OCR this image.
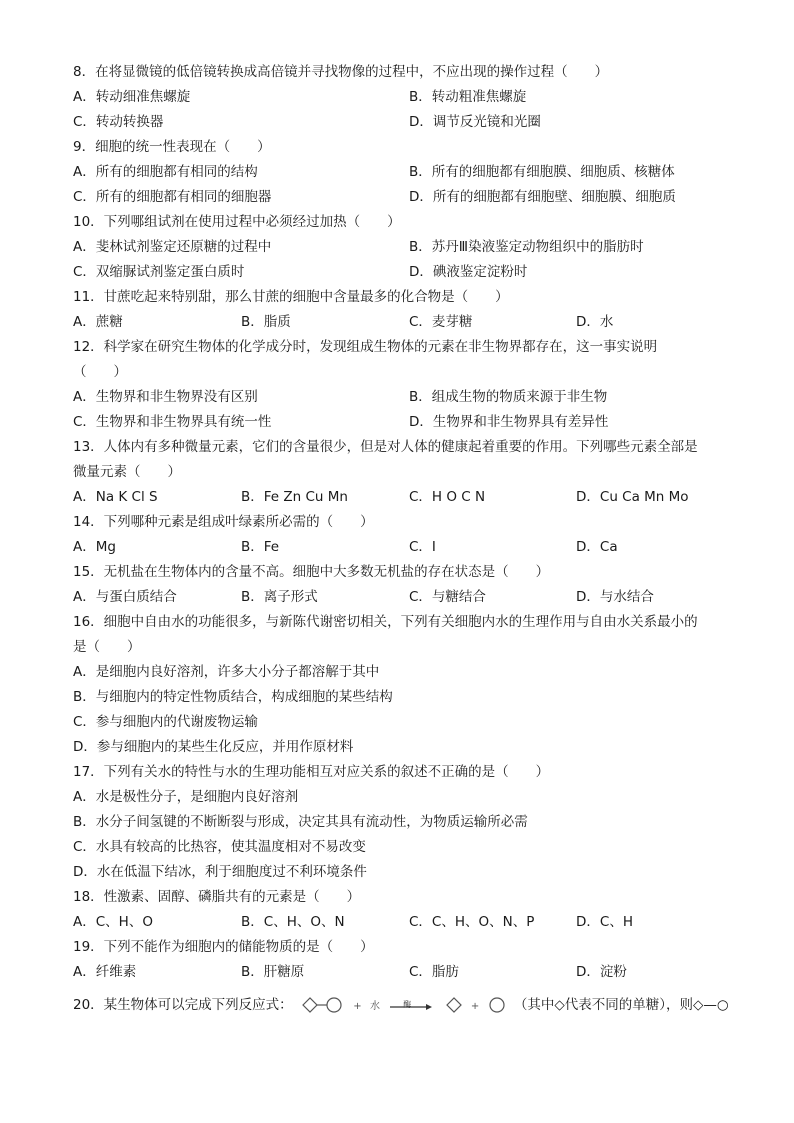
8．在将显微镜的低倍镜转换成高倍镜并寻找物像的过程中，不应出现的操作过程（　　）
A．转动细准焦螺旋	B．转动粗准焦螺旋
C．转动转换器	D．调节反光镜和光圈
9．细胞的统一性表现在（　　）
A．所有的细胞都有相同的结构	B．所有的细胞都有细胞膜、细胞质、核糖体
C．所有的细胞都有相同的细胞器	D．所有的细胞都有细胞壁、细胞膜、细胞质
10．下列哪组试剂在使用过程中必须经过加热（　　）
A．斐林试剂鉴定还原糖的过程中	B．苏丹Ⅲ染液鉴定动物组织中的脂肪时
C．双缩脲试剂鉴定蛋白质时	D．碘液鉴定淀粉时
11．甘蔗吃起来特别甜，那么甘蔗的细胞中含量最多的化合物是（　　）
A．蔗糖	B．脂质	C．麦芽糖	D．水
12．科学家在研究生物体的化学成分时，发现组成生物体的元素在非生物界都存在，这一事实说明
（　　）
A．生物界和非生物界没有区别	B．组成生物的物质来源于非生物
C．生物界和非生物界具有统一性	D．生物界和非生物界具有差异性
13．人体内有多种微量元素，它们的含量很少，但是对人体的健康起着重要的作用。下列哪些元素全部是
微量元素（　　）
A．Na K Cl S	B．Fe Zn Cu Mn	C．H O C N	D．Cu Ca Mn Mo
14．下列哪种元素是组成叶绿素所必需的（　　）
A．Mg	B．Fe	C．I	D．Ca
15．无机盐在生物体内的含量不高。细胞中大多数无机盐的存在状态是（　　）
A．与蛋白质结合	B．离子形式	C．与糖结合	D．与水结合
16．细胞中自由水的功能很多，与新陈代谢密切相关，下列有关细胞内水的生理作用与自由水关系最小的
是（　　）
A．是细胞内良好溶剂，许多大小分子都溶解于其中
B．与细胞内的特定性物质结合，构成细胞的某些结构
C．参与细胞内的代谢废物运输
D．参与细胞内的某些生化反应，并用作原材料
17．下列有关水的特性与水的生理功能相互对应关系的叙述不正确的是（　　）
A．水是极性分子，是细胞内良好溶剂
B．水分子间氢键的不断断裂与形成，决定其具有流动性，为物质运输所必需
C．水具有较高的比热容，使其温度相对不易改变
D．水在低温下结冰，利于细胞度过不利环境条件
18．性激素、固醇、磷脂共有的元素是（　　）
A．C、H、O	B．C、H、O、N	C．C、H、O、N、P	D．C、H
19．下列不能作为细胞内的储能物质的是（　　）
A．纤维素	B．肝糖原	C．脂肪	D．淀粉
20．某生物体可以完成下列反应式：	+ 水	酶	+	（其中◇代表不同的单糖），则◇—○
